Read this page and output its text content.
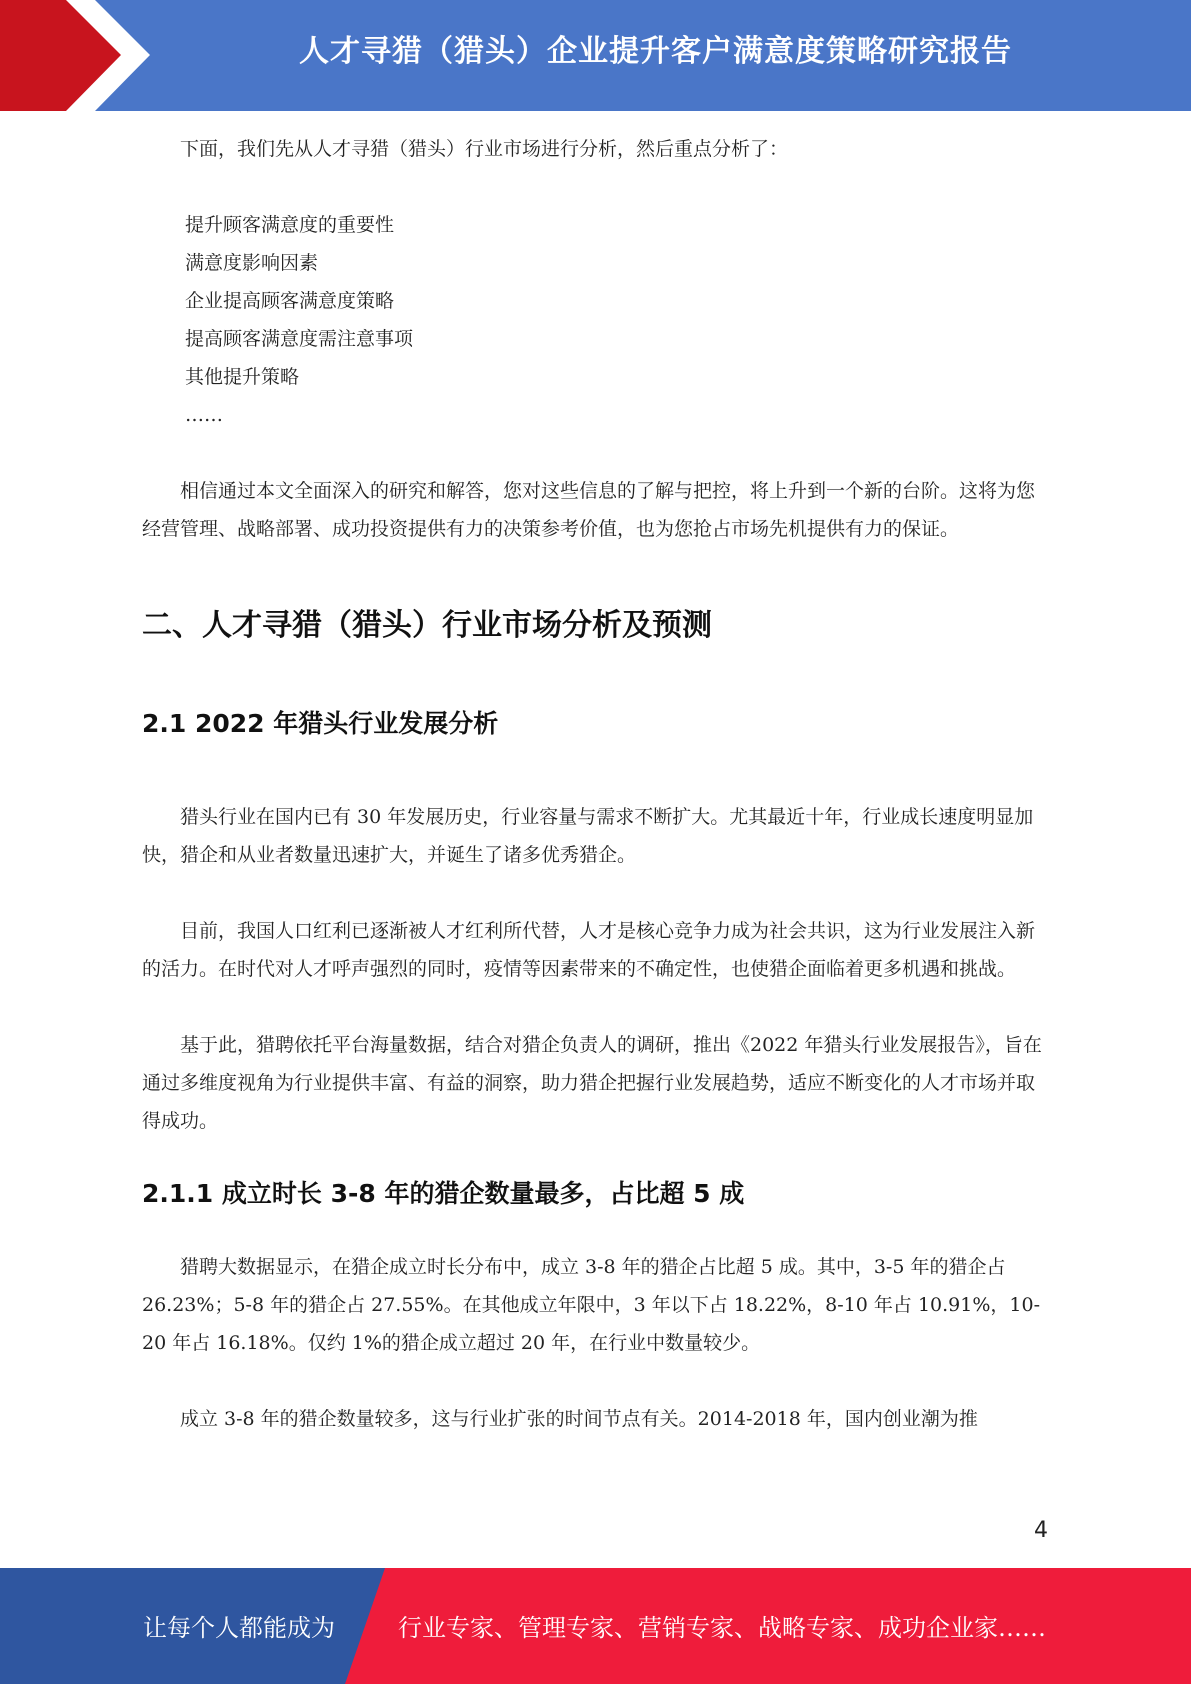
人才寻猎（猎头）企业提升客户满意度策略研究报告

下面，我们先从人才寻猎（猎头）行业市场进行分析，然后重点分析了：

提升顾客满意度的重要性
满意度影响因素
企业提高顾客满意度策略
提高顾客满意度需注意事项
其他提升策略
……

相信通过本文全面深入的研究和解答，您对这些信息的了解与把控，将上升到一个新的台阶。这将为您经营管理、战略部署、成功投资提供有力的决策参考价值，也为您抢占市场先机提供有力的保证。

二、人才寻猎（猎头）行业市场分析及预测
2.1 2022 年猎头行业发展分析

猎头行业在国内已有 30 年发展历史，行业容量与需求不断扩大。尤其最近十年，行业成长速度明显加快，猎企和从业者数量迅速扩大，并诞生了诸多优秀猎企。

目前，我国人口红利已逐渐被人才红利所代替，人才是核心竞争力成为社会共识，这为行业发展注入新的活力。在时代对人才呼声强烈的同时，疫情等因素带来的不确定性，也使猎企面临着更多机遇和挑战。

基于此，猎聘依托平台海量数据，结合对猎企负责人的调研，推出《2022 年猎头行业发展报告》，旨在通过多维度视角为行业提供丰富、有益的洞察，助力猎企把握行业发展趋势，适应不断变化的人才市场并取得成功。

2.1.1 成立时长 3-8 年的猎企数量最多，占比超 5 成

猎聘大数据显示，在猎企成立时长分布中，成立 3-8 年的猎企占比超 5 成。其中，3-5 年的猎企占 26.23%；5-8 年的猎企占 27.55%。在其他成立年限中，3 年以下占 18.22%，8-10 年占 10.91%，10-20 年占 16.18%。仅约 1%的猎企成立超过 20 年，在行业中数量较少。

成立 3-8 年的猎企数量较多，这与行业扩张的时间节点有关。2014-2018 年，国内创业潮为推

4
让每个人都能成为	行业专家、管理专家、营销专家、战略专家、成功企业家……
